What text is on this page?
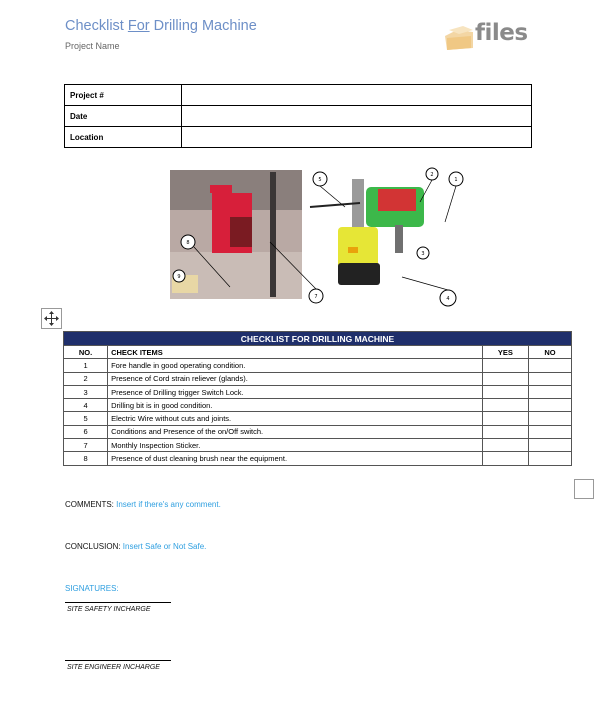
Checklist For Drilling Machine
Project Name	files
Project #	
Date	
Location	
8
9
5
2
1
3
4
7
CHECKLIST FOR DRILLING MACHINE			
NO.	CHECK ITEMS	YES	NO
1	Fore handle in good operating condition.		
2	Presence of Cord strain reliever (glands).		
3	Presence of Drilling trigger Switch Lock.		
4	Drilling bit is in good condition.		
5	Electric Wire without cuts and joints.		
6	Conditions and Presence of the on/Off switch.		
7	Monthly Inspection Sticker.		
8	Presence of dust cleaning brush near the equipment.		
COMMENTS: Insert if there's any comment.
CONCLUSION: Insert Safe or Not Safe.
SIGNATURES:
SITE SAFETY INCHARGE
SITE ENGINEER INCHARGE
